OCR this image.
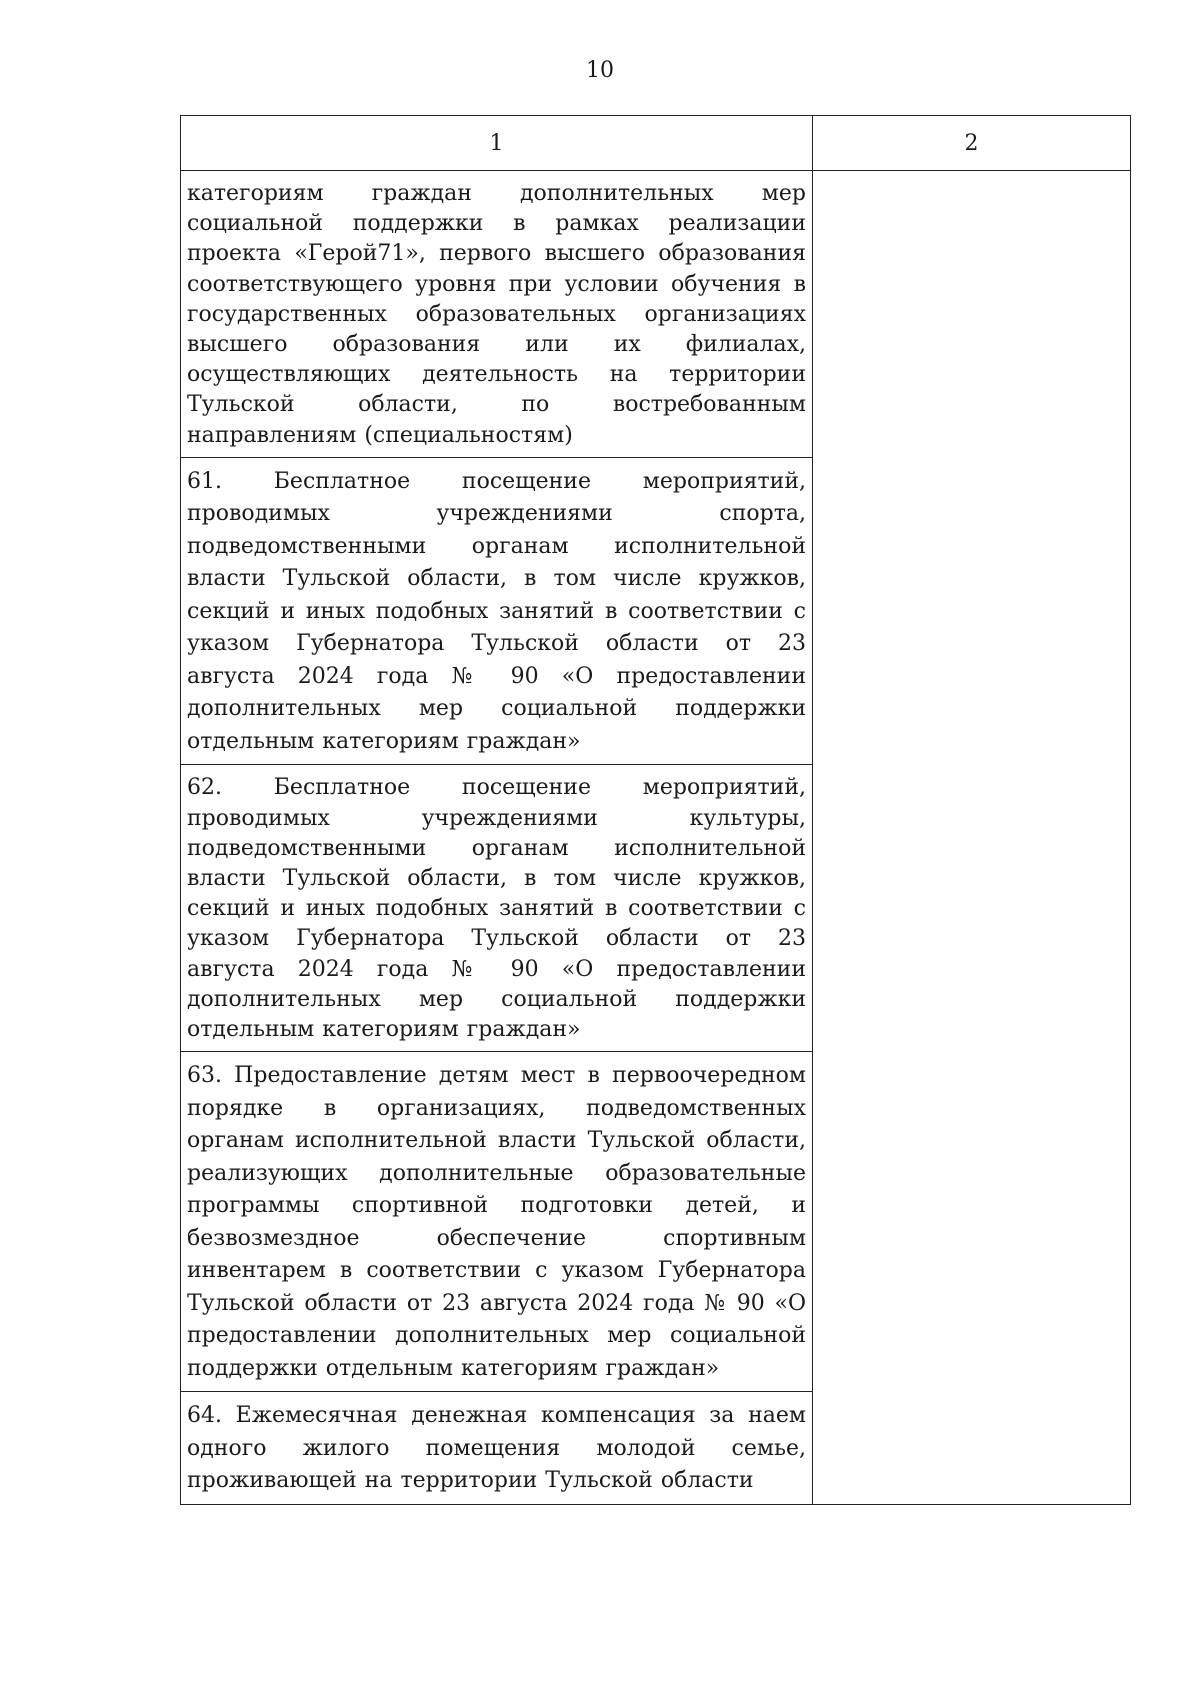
10
1	2

категориям граждан дополнительных мер социальной поддержки в рамках реализации проекта «Герой71», первого высшего образования соответствующего уровня при условии обучения в государственных образовательных организациях высшего образования или их филиалах, осуществляющих деятельность на территории Тульской области, по востребованным направлениям (специальностям)	

61. Бесплатное посещение мероприятий, проводимых учреждениями спорта, подведомственными органам исполнительной власти Тульской области, в том числе кружков, секций и иных подобных занятий в соответствии с указом Губернатора Тульской области от 23 августа 2024 года № 90 «О предоставлении дополнительных мер социальной поддержки отдельным категориям граждан»	

62. Бесплатное посещение мероприятий, проводимых учреждениями культуры, подведомственными органам исполнительной власти Тульской области, в том числе кружков, секций и иных подобных занятий в соответствии с указом Губернатора Тульской области от 23 августа 2024 года № 90 «О предоставлении дополнительных мер социальной поддержки отдельным категориям граждан»	

63. Предоставление детям мест в первоочередном порядке в организациях, подведомственных органам исполнительной власти Тульской области, реализующих дополнительные образовательные программы спортивной подготовки детей, и безвозмездное обеспечение спортивным инвентарем в соответствии с указом Губернатора Тульской области от 23 августа 2024 года № 90 «О предоставлении дополнительных мер социальной поддержки отдельным категориям граждан»	

64. Ежемесячная денежная компенсация за наем одного жилого помещения молодой семье, проживающей на территории Тульской области	
